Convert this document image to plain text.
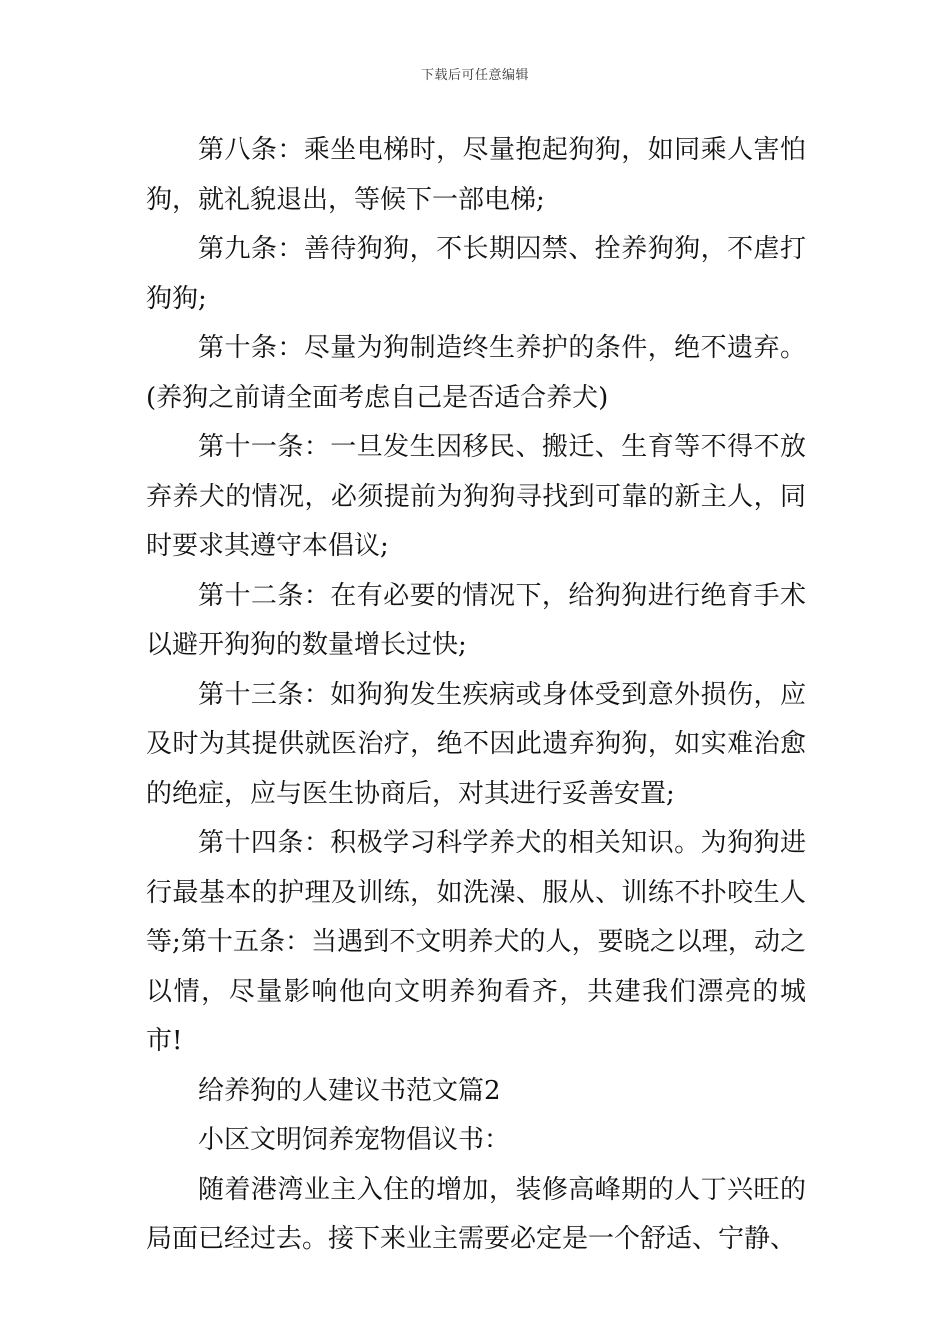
下载后可任意编辑

第八条：乘坐电梯时，尽量抱起狗狗，如同乘人害怕狗，就礼貌退出，等候下一部电梯;

第九条：善待狗狗，不长期囚禁、拴养狗狗，不虐打狗狗;

第十条：尽量为狗制造终生养护的条件，绝不遗弃。(养狗之前请全面考虑自己是否适合养犬)

第十一条：一旦发生因移民、搬迁、生育等不得不放弃养犬的情况，必须提前为狗狗寻找到可靠的新主人，同时要求其遵守本倡议;

第十二条：在有必要的情况下，给狗狗进行绝育手术以避开狗狗的数量增长过快;

第十三条：如狗狗发生疾病或身体受到意外损伤，应及时为其提供就医治疗，绝不因此遗弃狗狗，如实难治愈的绝症，应与医生协商后，对其进行妥善安置;

第十四条：积极学习科学养犬的相关知识。为狗狗进行最基本的护理及训练，如洗澡、服从、训练不扑咬生人等;第十五条：当遇到不文明养犬的人，要晓之以理，动之以情，尽量影响他向文明养狗看齐，共建我们漂亮的城市!

给养狗的人建议书范文篇2

小区文明饲养宠物倡议书：

随着港湾业主入住的增加，装修高峰期的人丁兴旺的局面已经过去。接下来业主需要必定是一个舒适、宁静、
